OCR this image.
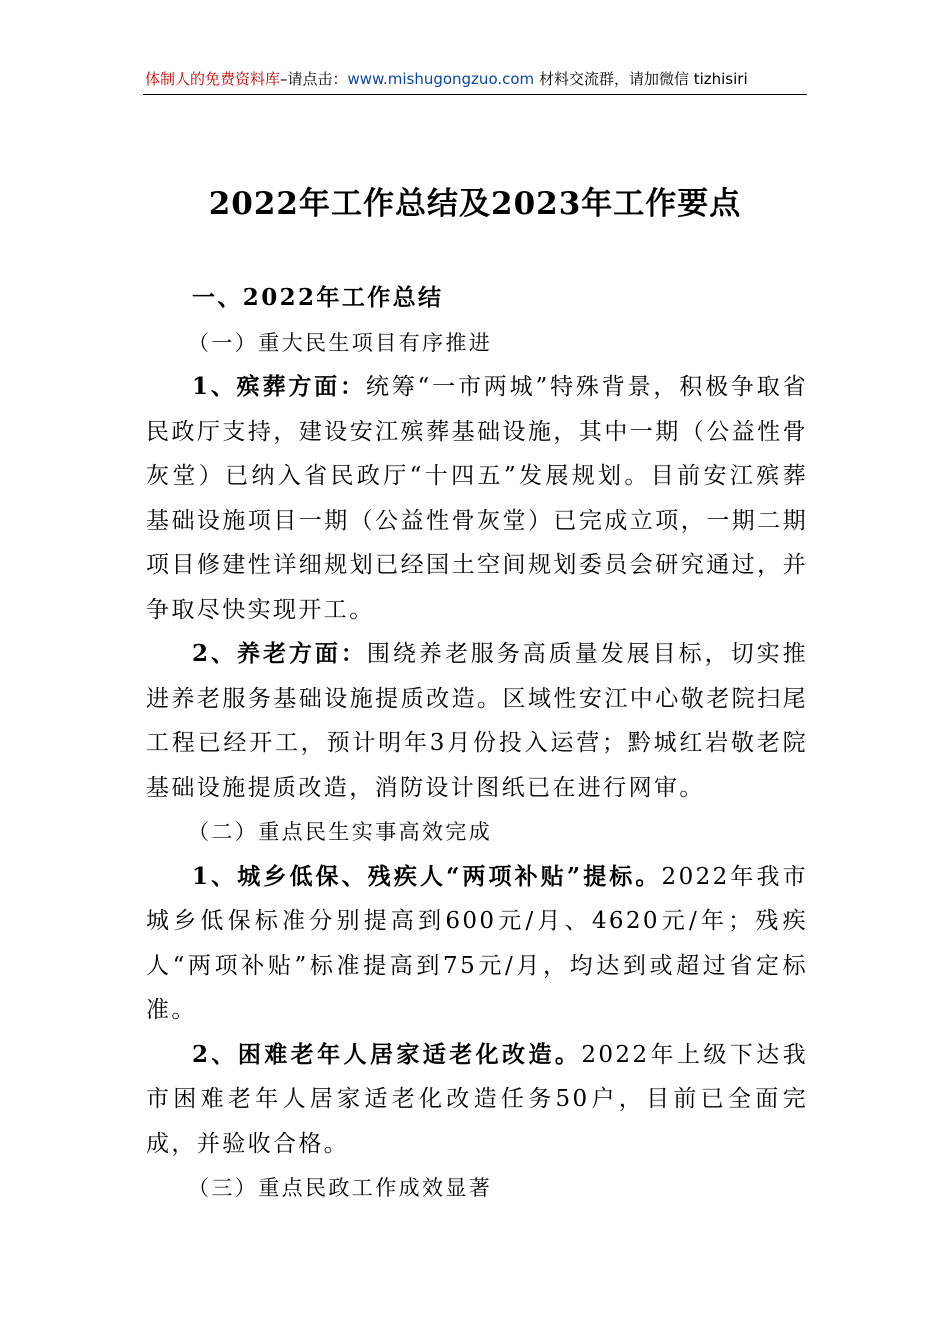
体制人的免费资料库–请点击：www.mishugongzuo.com 材料交流群，请加微信 tizhisiri
2022年工作总结及2023年工作要点

一、2022年工作总结

（一）重大民生项目有序推进

1、殡葬方面：统筹“一市两城”特殊背景，积极争取省民政厅支持，建设安江殡葬基础设施，其中一期（公益性骨灰堂）已纳入省民政厅“十四五”发展规划。目前安江殡葬基础设施项目一期（公益性骨灰堂）已完成立项，一期二期项目修建性详细规划已经国土空间规划委员会研究通过，并争取尽快实现开工。

2、养老方面：围绕养老服务高质量发展目标，切实推进养老服务基础设施提质改造。区域性安江中心敬老院扫尾工程已经开工，预计明年3月份投入运营；黔城红岩敬老院基础设施提质改造，消防设计图纸已在进行网审。

（二）重点民生实事高效完成

1、城乡低保、残疾人“两项补贴”提标。2022年我市城乡低保标准分别提高到600元/月、4620元/年；残疾人“两项补贴”标准提高到75元/月，均达到或超过省定标准。

2、困难老年人居家适老化改造。2022年上级下达我市困难老年人居家适老化改造任务50户，目前已全面完成，并验收合格。

（三）重点民政工作成效显著
